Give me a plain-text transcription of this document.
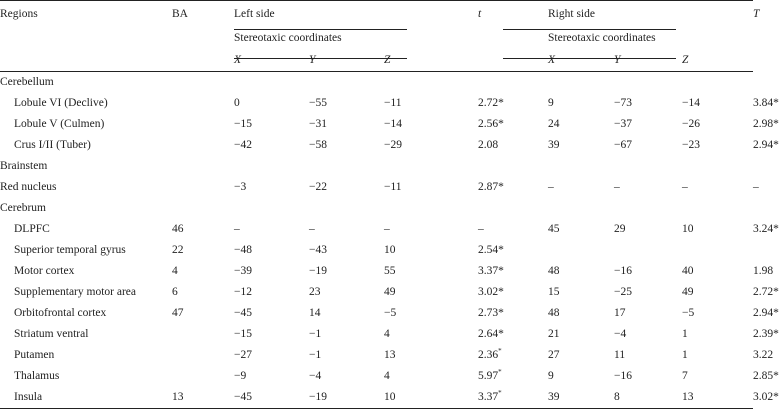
Regions	BA	Left side			t	Right side			T
		Stereotaxic coordinates				Stereotaxic coordinates			
		X	Y	Z		X	Y	Z	
Cerebellum									
Lobule VI (Declive)		0	−55	−11	2.72*	9	−73	−14	3.84*
Lobule V (Culmen)		−15	−31	−14	2.56*	24	−37	−26	2.98*
Crus I/II (Tuber)		−42	−58	−29	2.08	39	−67	−23	2.94*
Brainstem									
Red nucleus		−3	−22	−11	2.87*	–	–	–	–
Cerebrum									
DLPFC	46	–	–	–	–	45	29	10	3.24*
Superior temporal gyrus	22	−48	−43	10	2.54*				
Motor cortex	4	−39	−19	55	3.37*	48	−16	40	1.98
Supplementary motor area	6	−12	23	49	3.02*	15	−25	49	2.72*
Orbitofrontal cortex	47	−45	14	−5	2.73*	48	17	−5	2.94*
Striatum ventral		−15	−1	4	2.64*	21	−4	1	2.39*
Putamen		−27	−1	13	2.36*	27	11	1	3.22
Thalamus		−9	−4	4	5.97*	9	−16	7	2.85*
Insula	13	−45	−19	10	3.37*	39	8	13	3.02*
